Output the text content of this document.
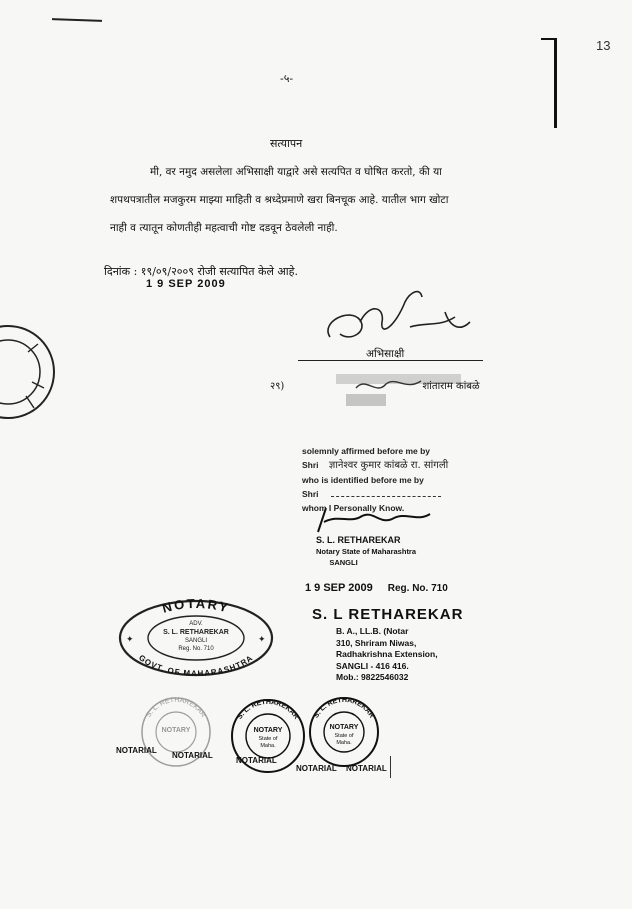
13
-५-
सत्यापन
मी, वर नमुद असलेला अभिसाक्षी याद्वारे असे सत्यपित व घोषित करतो, की या शपथपत्रातील मजकुरम माझ्या माहिती व श्रध्देप्रमाणे खरा बिनचूक आहे. यातील भाग खोटा नाही व त्यातून कोणतीही महत्वाची गोष्ट दडवून ठेवलेली नाही.
दिनांक : १९/०९/२००९ रोजी सत्यापित केले आहे.
1 9 SEP 2009
अभिसाक्षी
२९)	शांताराम कांबळे
solemnly affirmed before me by
Shri ज्ञानेश्वर कुमार कांबळे रा. सांगली
who is identified before me by
Shri
whom I Personally Know.
S. L. RETHAREKAR
Notary State of Maharashtra
SANGLI
1 9 SEP 2009 Reg. No. 710
S. L RETHAREKAR
B. A., LL.B. (Notar
310, Shriram Niwas,
Radhakrishna Extension,
SANGLI - 416 416.
Mob.: 9822546032
NOTARY
GOVT. OF MAHARASHTRA
ADV.
S. L. RETHAREKAR
SANGLI
Reg. No. 710
✦	✦
S. L. RETHAREKAR
NOTARY
S. L. RETHAREKAR
NOTARY
State of
Maha.
S. L. RETHAREKAR
NOTARY
State of
Maha.
NOTARIAL
NOTARIAL
NOTARIAL
NOTARIAL NOTARIAL
